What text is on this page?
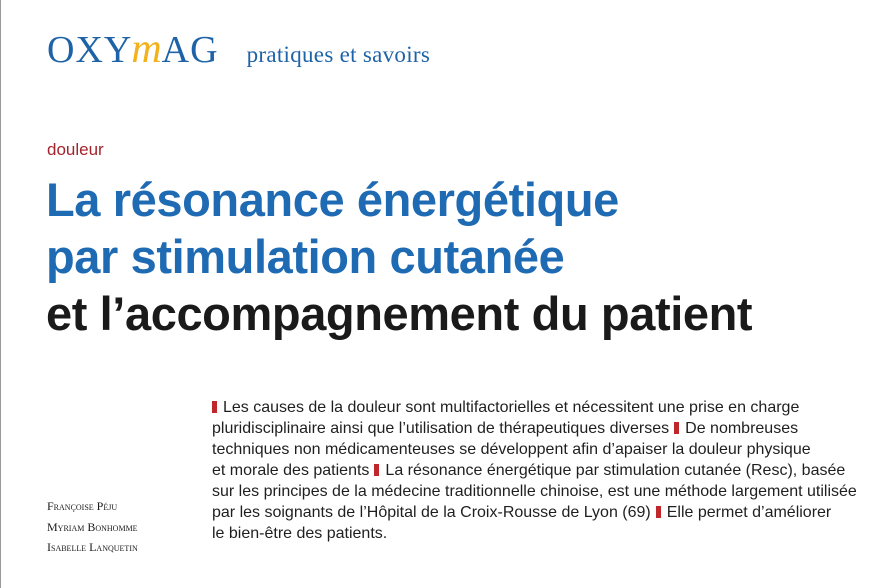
OXY m AG pratiques et savoirs
douleur
La résonance énergétique
par stimulation cutanée
et l’accompagnement du patient
Françoise Péju
Myriam Bonhomme
Isabelle Lanquetin
Les causes de la douleur sont multifactorielles et nécessitent une prise en charge
pluridisciplinaire ainsi que l’utilisation de thérapeutiques diverses De nombreuses
techniques non médicamenteuses se développent afin d’apaiser la douleur physique
et morale des patients La résonance énergétique par stimulation cutanée (Resc), basée
sur les principes de la médecine traditionnelle chinoise, est une méthode largement utilisée
par les soignants de l’Hôpital de la Croix-Rousse de Lyon (69) Elle permet d’améliorer
le bien-être des patients.
